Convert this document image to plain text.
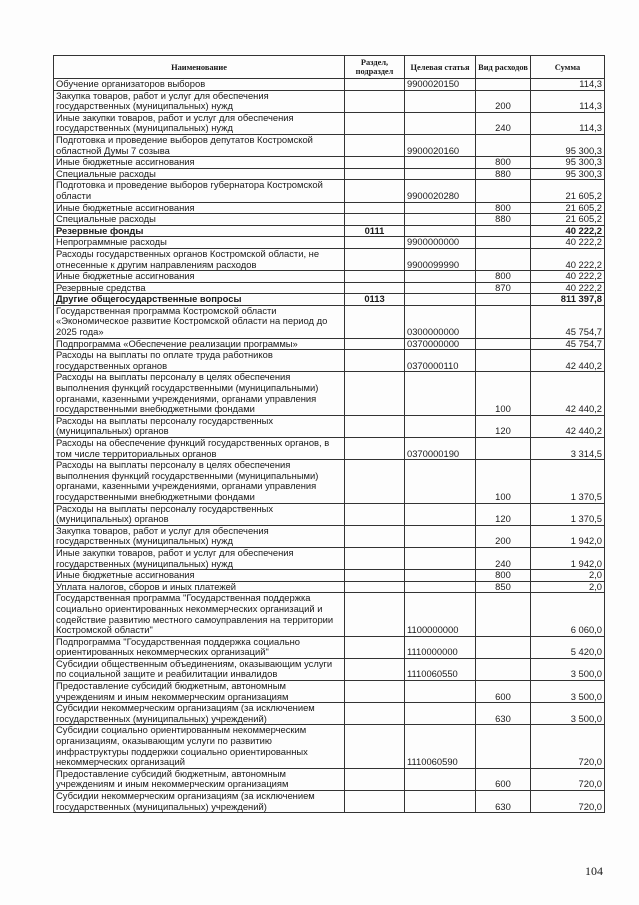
Наименование	Раздел, подраздел	Целевая статья	Вид расходов	Сумма
Обучение организаторов выборов		9900020150		114,3
Закупка товаров, работ и услуг для обеспечения государственных (муниципальных) нужд			200	114,3
Иные закупки товаров, работ и услуг для обеспечения государственных (муниципальных) нужд			240	114,3
Подготовка и проведение выборов депутатов Костромской областной Думы 7 созыва		9900020160		95 300,3
Иные бюджетные ассигнования			800	95 300,3
Специальные расходы			880	95 300,3
Подготовка и проведение выборов губернатора Костромской области		9900020280		21 605,2
Иные бюджетные ассигнования			800	21 605,2
Специальные расходы			880	21 605,2
Резервные фонды	0111			40 222,2
Непрограммные расходы		9900000000		40 222,2
Расходы государственных органов Костромской области, не отнесенные к другим направлениям расходов		9900099990		40 222,2
Иные бюджетные ассигнования			800	40 222,2
Резервные средства			870	40 222,2
Другие общегосударственные вопросы	0113			811 397,8
Государственная программа Костромской области «Экономическое развитие Костромской области на период до 2025 года»		0300000000		45 754,7
Подпрограмма «Обеспечение реализации программы»		0370000000		45 754,7
Расходы на выплаты по оплате труда работников государственных органов		0370000110		42 440,2
Расходы на выплаты персоналу в целях обеспечения выполнения функций государственными (муниципальными) органами, казенными учреждениями, органами управления государственными внебюджетными фондами			100	42 440,2
Расходы на выплаты персоналу государственных (муниципальных) органов			120	42 440,2
Расходы на обеспечение функций государственных органов, в том числе территориальных органов		0370000190		3 314,5
Расходы на выплаты персоналу в целях обеспечения выполнения функций государственными (муниципальными) органами, казенными учреждениями, органами управления государственными внебюджетными фондами			100	1 370,5
Расходы на выплаты персоналу государственных (муниципальных) органов			120	1 370,5
Закупка товаров, работ и услуг для обеспечения государственных (муниципальных) нужд			200	1 942,0
Иные закупки товаров, работ и услуг для обеспечения государственных (муниципальных) нужд			240	1 942,0
Иные бюджетные ассигнования			800	2,0
Уплата налогов, сборов и иных платежей			850	2,0
Государственная программа "Государственная поддержка социально ориентированных некоммерческих организаций и содействие развитию местного самоуправления на территории Костромской области"		1100000000		6 060,0
Подпрограмма "Государственная поддержка социально ориентированных некоммерческих организаций"		1110000000		5 420,0
Субсидии общественным объединениям, оказывающим услуги по социальной защите и реабилитации инвалидов		1110060550		3 500,0
Предоставление субсидий бюджетным, автономным учреждениям и иным некоммерческим организациям			600	3 500,0
Субсидии некоммерческим организациям (за исключением государственных (муниципальных) учреждений)			630	3 500,0
Субсидии социально ориентированным некоммерческим организациям, оказывающим услуги по развитию инфраструктуры поддержки социально ориентированных некоммерческих организаций		1110060590		720,0
Предоставление субсидий бюджетным, автономным учреждениям и иным некоммерческим организациям			600	720,0
Субсидии некоммерческим организациям (за исключением государственных (муниципальных) учреждений)			630	720,0
104
